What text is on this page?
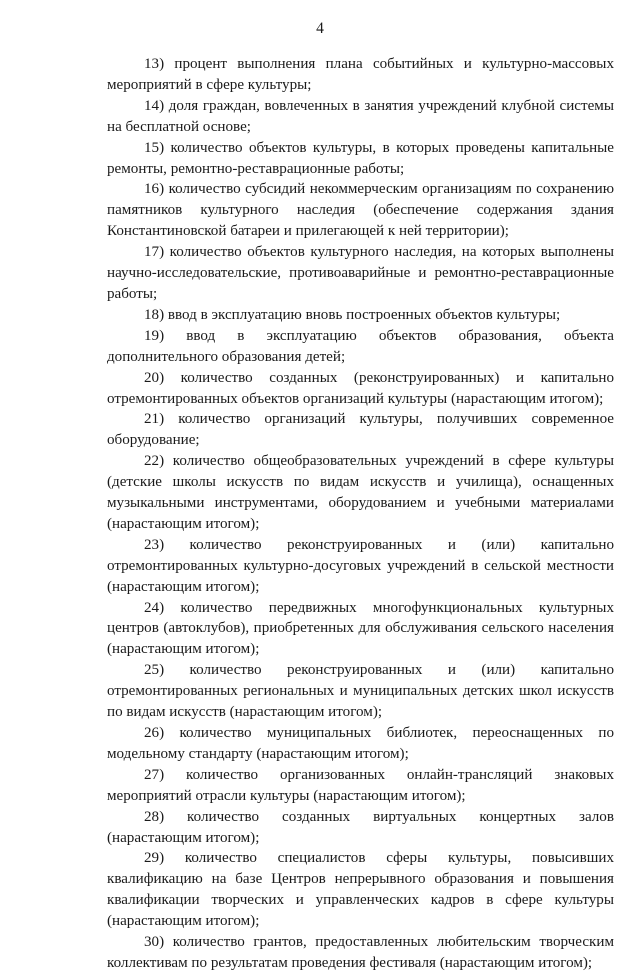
4

13) процент выполнения плана событийных и культурно-массовых мероприятий в сфере культуры;

14) доля граждан, вовлеченных в занятия учреждений клубной системы на бесплатной основе;

15) количество объектов культуры, в которых проведены капитальные ремонты, ремонтно-реставрационные работы;

16) количество субсидий некоммерческим организациям по сохранению памятников культурного наследия (обеспечение содержания здания Константиновской батареи и прилегающей к ней территории);

17) количество объектов культурного наследия, на которых выполнены научно-исследовательские, противоаварийные и ремонтно-реставрационные работы;

18) ввод в эксплуатацию вновь построенных объектов культуры;

19) ввод в эксплуатацию объектов образования, объекта дополнительного образования детей;

20) количество созданных (реконструированных) и капитально отремонтированных объектов организаций культуры (нарастающим итогом);

21) количество организаций культуры, получивших современное оборудование;

22) количество общеобразовательных учреждений в сфере культуры (детские школы искусств по видам искусств и училища), оснащенных музыкальными инструментами, оборудованием и учебными материалами (нарастающим итогом);

23) количество реконструированных и (или) капитально отремонтированных культурно-досуговых учреждений в сельской местности (нарастающим итогом);

24) количество передвижных многофункциональных культурных центров (автоклубов), приобретенных для обслуживания сельского населения (нарастающим итогом);

25) количество реконструированных и (или) капитально отремонтированных региональных и муниципальных детских школ искусств по видам искусств (нарастающим итогом);

26) количество муниципальных библиотек, переоснащенных по модельному стандарту (нарастающим итогом);

27) количество организованных онлайн-трансляций знаковых мероприятий отрасли культуры (нарастающим итогом);

28) количество созданных виртуальных концертных залов (нарастающим итогом);

29) количество специалистов сферы культуры, повысивших квалификацию на базе Центров непрерывного образования и повышения квалификации творческих и управленческих кадров в сфере культуры (нарастающим итогом);

30) количество грантов, предоставленных любительским творческим коллективам по результатам проведения фестиваля (нарастающим итогом);
